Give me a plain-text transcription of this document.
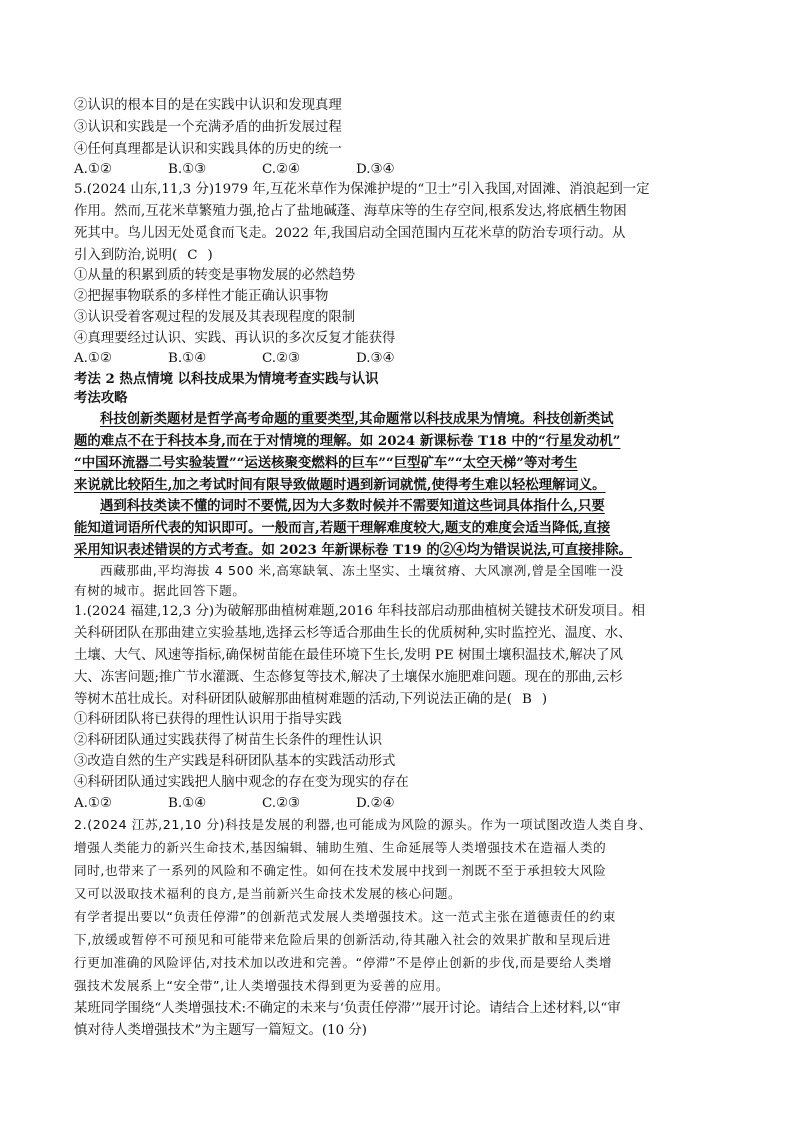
②认识的根本目的是在实践中认识和发现真理
③认识和实践是一个充满矛盾的曲折发展过程
④任何真理都是认识和实践具体的历史的统一
A.①②	B.①③	C.②④	D.③④
5.(2024 山东,11,3 分)1979 年,互花米草作为保滩护堤的“卫士”引入我国,对固滩、消浪起到一定
作用。然而,互花米草繁殖力强,抢占了盐地碱蓬、海草床等的生存空间,根系发达,将底栖生物困
死其中。鸟儿因无处觅食而飞走。2022 年,我国启动全国范围内互花米草的防治专项行动。从
引入到防治,说明( C )
①从量的积累到质的转变是事物发展的必然趋势
②把握事物联系的多样性才能正确认识事物
③认识受着客观过程的发展及其表现程度的限制
④真理要经过认识、实践、再认识的多次反复才能获得
A.①②	B.①④	C.②③	D.③④
考法 2 热点情境 以科技成果为情境考查实践与认识
考法攻略
科技创新类题材是哲学高考命题的重要类型,其命题常以科技成果为情境。科技创新类试
题的难点不在于科技本身,而在于对情境的理解。如 2024 新课标卷 T18 中的“行星发动机”
“中国环流器二号实验装置”“运送核聚变燃料的巨车”“巨型矿车”“太空天梯”等对考生
来说就比较陌生,加之考试时间有限导致做题时遇到新词就慌,使得考生难以轻松理解词义。
遇到科技类读不懂的词时不要慌,因为大多数时候并不需要知道这些词具体指什么,只要
能知道词语所代表的知识即可。一般而言,若题干理解难度较大,题支的难度会适当降低,直接
采用知识表述错误的方式考查。如 2023 年新课标卷 T19 的②④均为错误说法,可直接排除。
西藏那曲,平均海拔 4 500 米,高寒缺氧、冻土坚实、土壤贫瘠、大风凛冽,曾是全国唯一没
有树的城市。据此回答下题。
1.(2024 福建,12,3 分)为破解那曲植树难题,2016 年科技部启动那曲植树关键技术研发项目。相
关科研团队在那曲建立实验基地,选择云杉等适合那曲生长的优质树种,实时监控光、温度、水、
土壤、大气、风速等指标,确保树苗能在最佳环境下生长,发明 PE 树围土壤积温技术,解决了风
大、冻害问题;推广节水灌溉、生态修复等技术,解决了土壤保水施肥难问题。现在的那曲,云杉
等树木茁壮成长。对科研团队破解那曲植树难题的活动,下列说法正确的是( B )
①科研团队将已获得的理性认识用于指导实践
②科研团队通过实践获得了树苗生长条件的理性认识
③改造自然的生产实践是科研团队基本的实践活动形式
④科研团队通过实践把人脑中观念的存在变为现实的存在
A.①②	B.①④	C.②③	D.②④
2.(2024 江苏,21,10 分)科技是发展的利器,也可能成为风险的源头。作为一项试图改造人类自身、
增强人类能力的新兴生命技术,基因编辑、辅助生殖、生命延展等人类增强技术在造福人类的
同时,也带来了一系列的风险和不确定性。如何在技术发展中找到一剂既不至于承担较大风险
又可以汲取技术福利的良方,是当前新兴生命技术发展的核心问题。
有学者提出要以“负责任停滞”的创新范式发展人类增强技术。这一范式主张在道德责任的约束
下,放缓或暂停不可预见和可能带来危险后果的创新活动,待其融入社会的效果扩散和呈现后进
行更加准确的风险评估,对技术加以改进和完善。“停滞”不是停止创新的步伐,而是要给人类增
强技术发展系上“安全带”,让人类增强技术得到更为妥善的应用。
某班同学围绕“人类增强技术:不确定的未来与‘负责任停滞’”展开讨论。请结合上述材料,以“审
慎对待人类增强技术”为主题写一篇短文。(10 分)
